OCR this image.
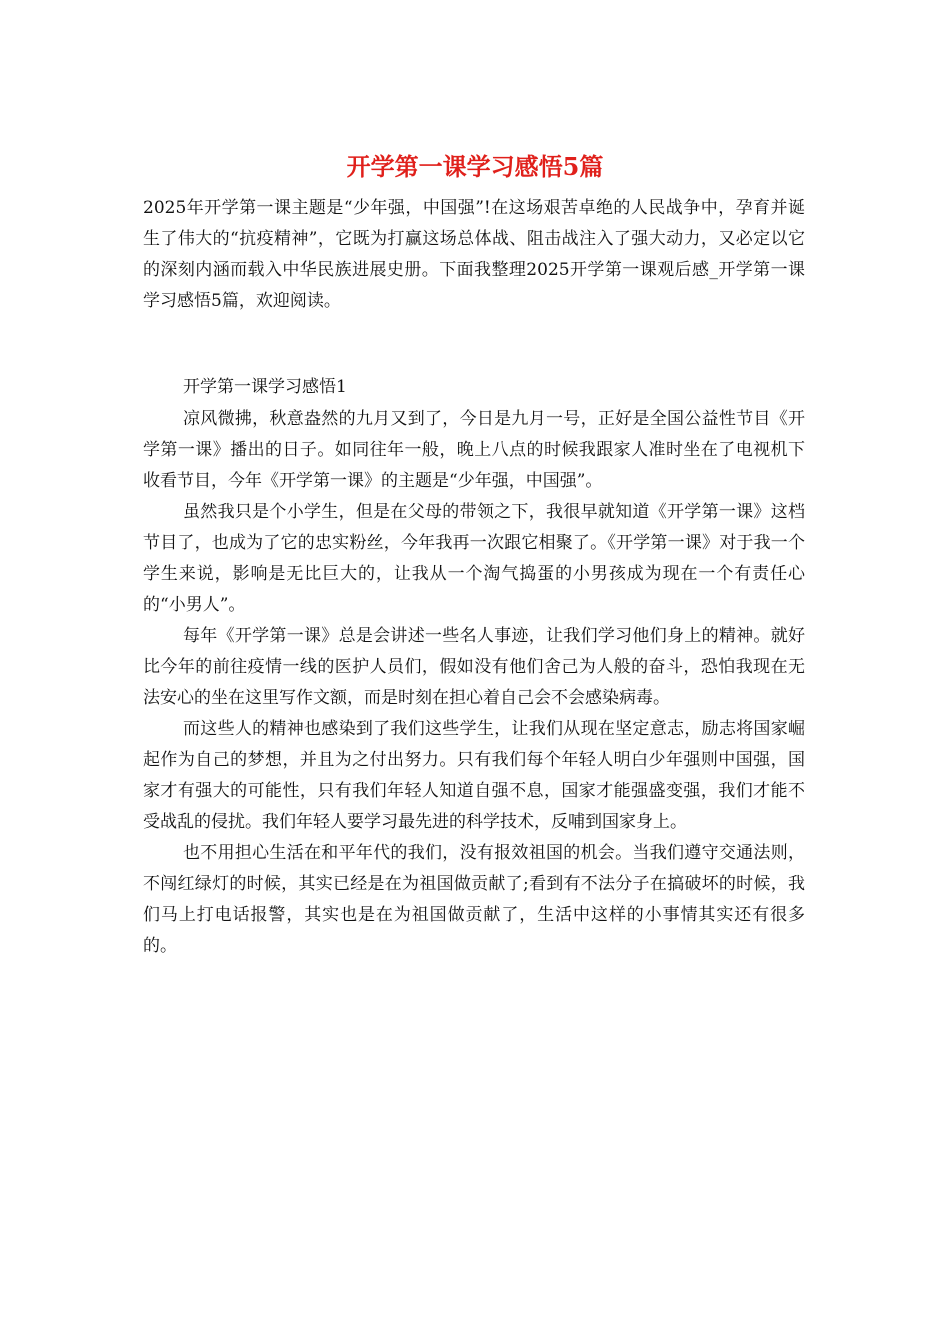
开学第一课学习感悟5篇

2025年开学第一课主题是“少年强，中国强”!在这场艰苦卓绝的人民战争中，孕育并诞生了伟大的“抗疫精神”，它既为打赢这场总体战、阻击战注入了强大动力，又必定以它的深刻内涵而载入中华民族进展史册。下面我整理2025开学第一课观后感_开学第一课学习感悟5篇，欢迎阅读。

开学第一课学习感悟1

凉风微拂，秋意盎然的九月又到了，今日是九月一号，正好是全国公益性节目《开学第一课》播出的日子。如同往年一般，晚上八点的时候我跟家人准时坐在了电视机下收看节目，今年《开学第一课》的主题是“少年强，中国强”。

虽然我只是个小学生，但是在父母的带领之下，我很早就知道《开学第一课》这档节目了，也成为了它的忠实粉丝，今年我再一次跟它相聚了。《开学第一课》对于我一个学生来说，影响是无比巨大的，让我从一个淘气捣蛋的小男孩成为现在一个有责任心的“小男人”。

每年《开学第一课》总是会讲述一些名人事迹，让我们学习他们身上的精神。就好比今年的前往疫情一线的医护人员们，假如没有他们舍己为人般的奋斗，恐怕我现在无法安心的坐在这里写作文额，而是时刻在担心着自己会不会感染病毒。

而这些人的精神也感染到了我们这些学生，让我们从现在坚定意志，励志将国家崛起作为自己的梦想，并且为之付出努力。只有我们每个年轻人明白少年强则中国强，国家才有强大的可能性，只有我们年轻人知道自强不息，国家才能强盛变强，我们才能不受战乱的侵扰。我们年轻人要学习最先进的科学技术，反哺到国家身上。

也不用担心生活在和平年代的我们，没有报效祖国的机会。当我们遵守交通法则，不闯红绿灯的时候，其实已经是在为祖国做贡献了;看到有不法分子在搞破坏的时候，我们马上打电话报警，其实也是在为祖国做贡献了，生活中这样的小事情其实还有很多的。
